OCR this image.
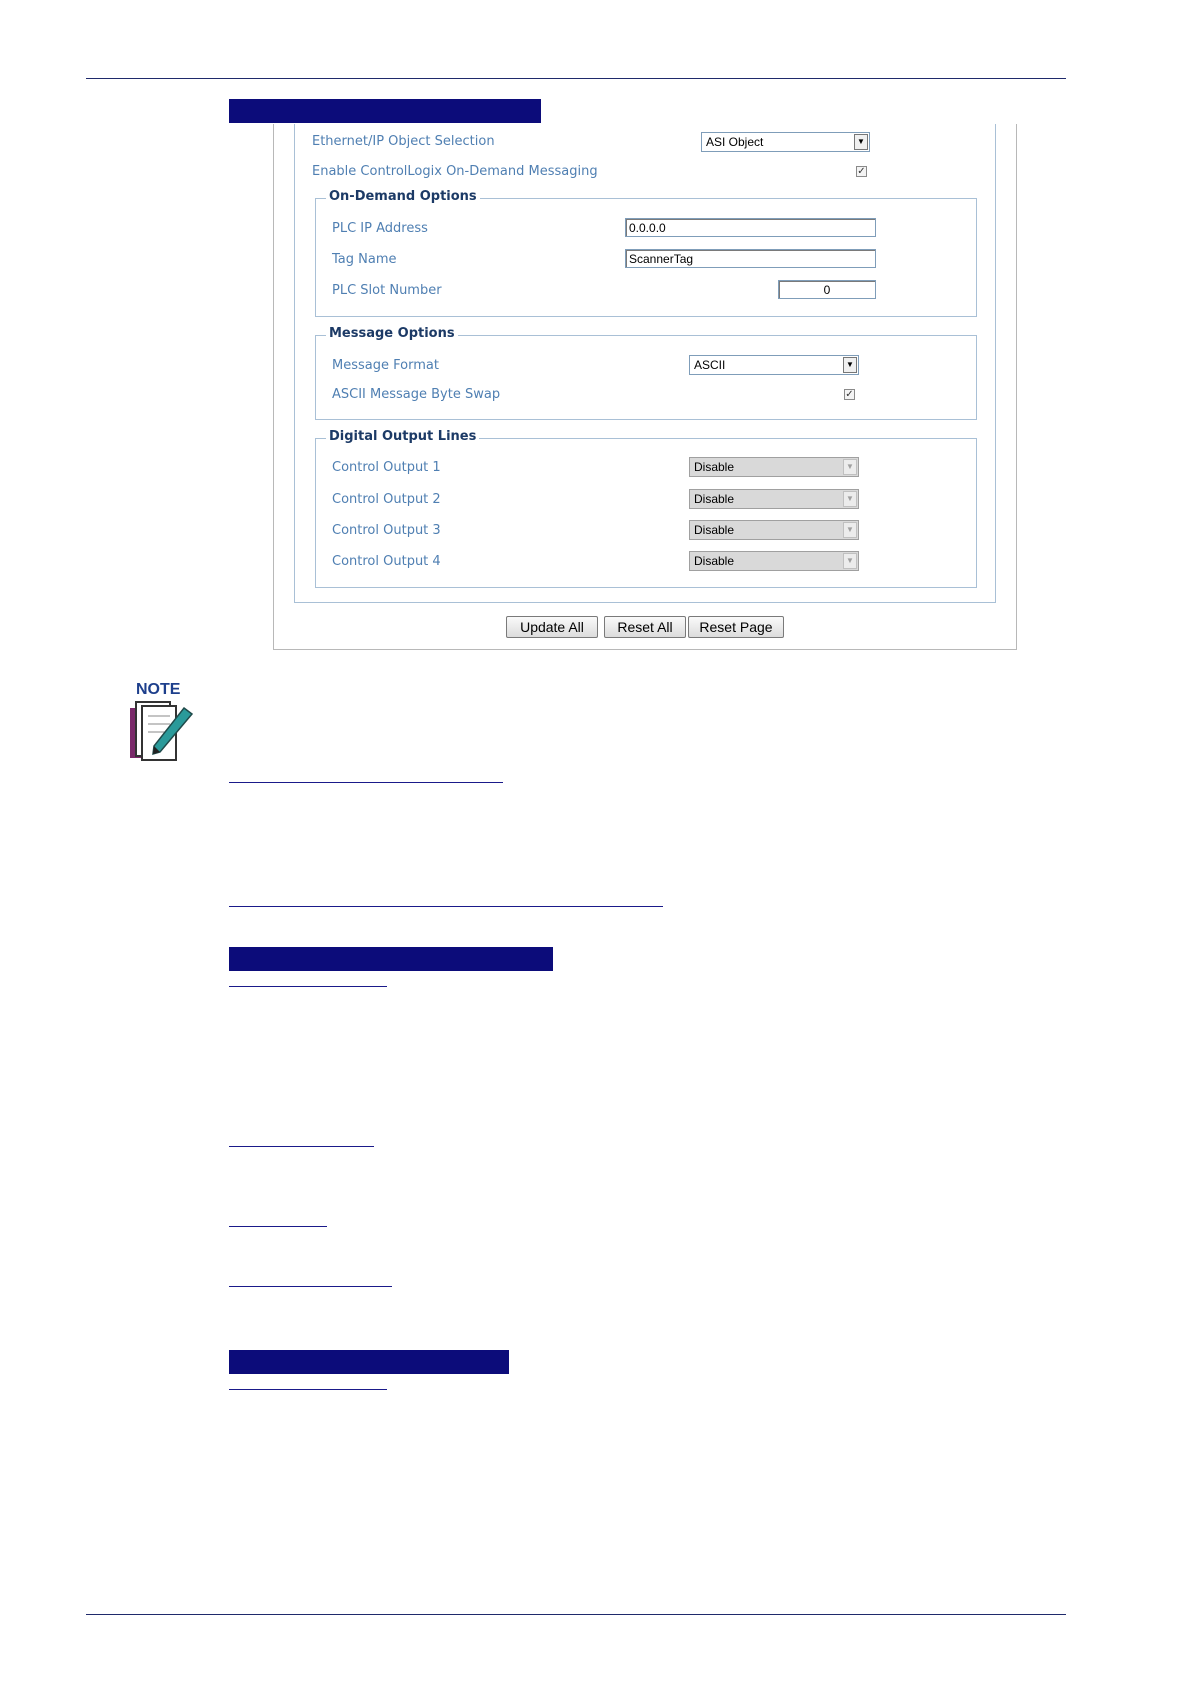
Ethernet/IP Object Selection	ASI Object	▼
Enable ControlLogix On-Demand Messaging	✓
On-Demand Options
PLC IP Address	0.0.0.0
Tag Name	ScannerTag
PLC Slot Number	0
Message Options
Message Format	ASCII	▼
ASCII Message Byte Swap	✓
Digital Output Lines
Control Output 1	Disable	▼
Control Output 2	Disable	▼
Control Output 3	Disable	▼
Control Output 4	Disable	▼
Update All	Reset All	Reset Page
NOTE
